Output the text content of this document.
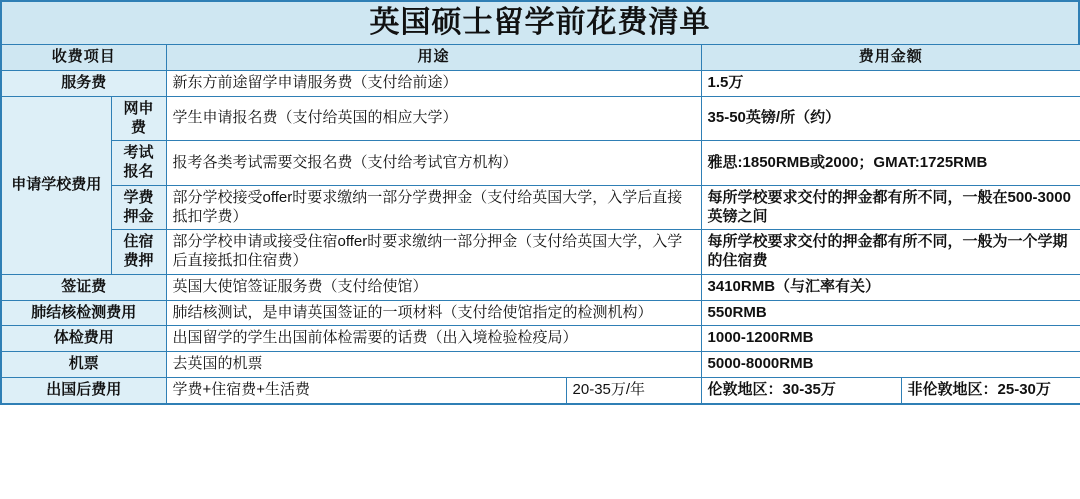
英国硕士留学前花费清单
收费项目		用途		费用金额	
服务费		新东方前途留学申请服务费（支付给前途）		1.5万	
申请学校费用	网申费	学生申请报名费（支付给英国的相应大学）		35-50英镑/所（约）	
	考试报名	报考各类考试需要交报名费（支付给考试官方机构）		雅思:1850RMB或2000；GMAT:1725RMB	
	学费押金	部分学校接受offer时要求缴纳一部分学费押金（支付给英国大学，入学后直接抵扣学费）		每所学校要求交付的押金都有所不同，一般在500-3000英镑之间	
	住宿费押	部分学校申请或接受住宿offer时要求缴纳一部分押金（支付给英国大学，入学后直接抵扣住宿费）		每所学校要求交付的押金都有所不同，一般为一个学期的住宿费	
签证费		英国大使馆签证服务费（支付给使馆）		3410RMB（与汇率有关）	
肺结核检测费用		肺结核测试，是申请英国签证的一项材料（支付给使馆指定的检测机构）		550RMB	
体检费用		出国留学的学生出国前体检需要的话费（出入境检验检疫局）		1000-1200RMB	
机票		去英国的机票		5000-8000RMB	
出国后费用		学费+住宿费+生活费	20-35万/年	伦敦地区：30-35万	非伦敦地区：25-30万
